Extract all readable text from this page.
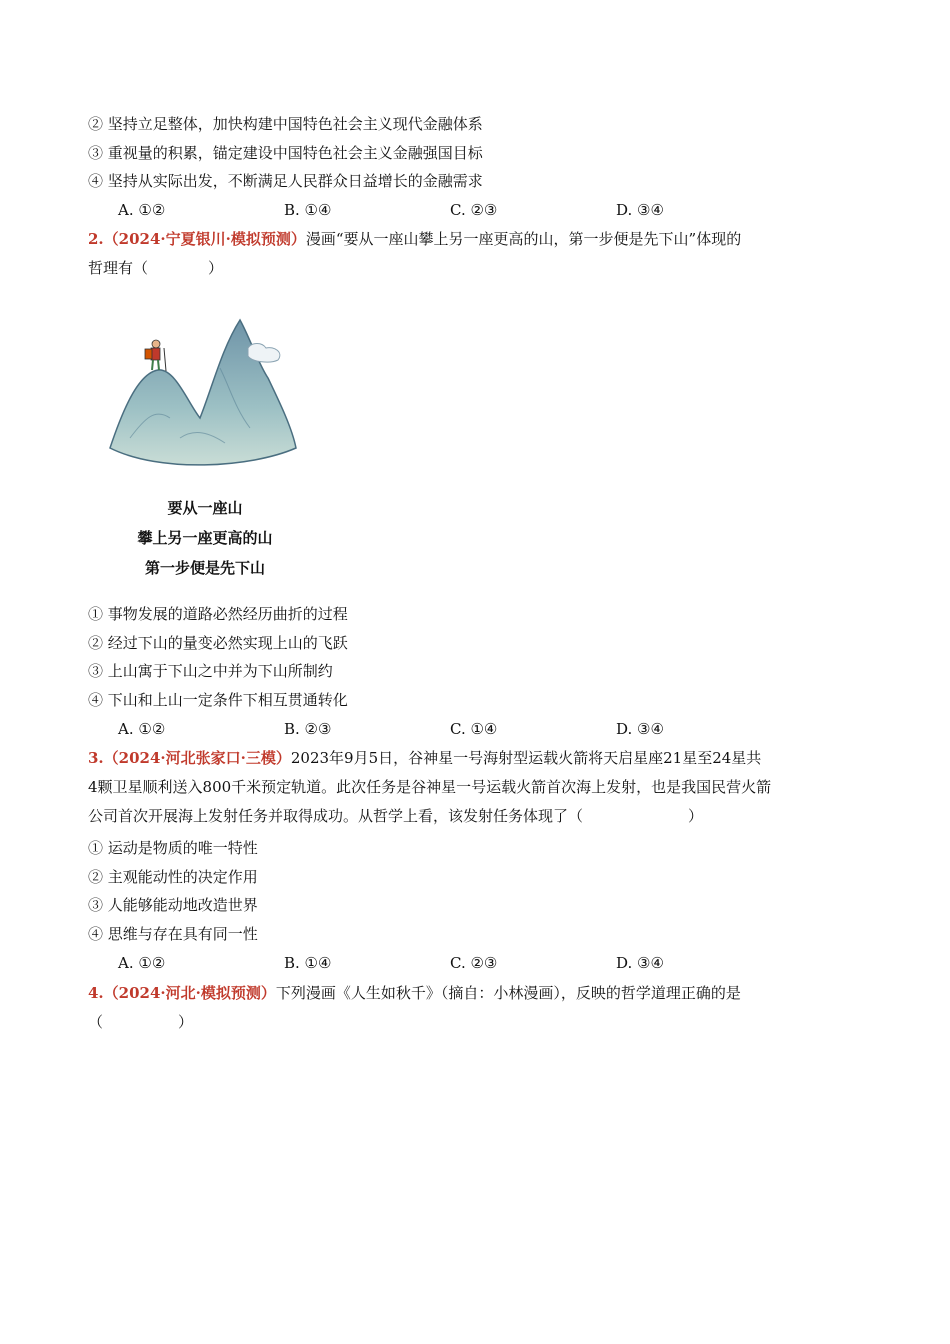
② 坚持立足整体，加快构建中国特色社会主义现代金融体系
③ 重视量的积累，锚定建设中国特色社会主义金融强国目标
④ 坚持从实际出发，不断满足人民群众日益增长的金融需求
A. ①②	B. ①④	C. ②③	D. ③④
2.（2024·宁夏银川·模拟预测）漫画“要从一座山攀上另一座更高的山，第一步便是先下山”体现的
哲理有（　　　　）
要从一座山
攀上另一座更高的山
第一步便是先下山
① 事物发展的道路必然经历曲折的过程
② 经过下山的量变必然实现上山的飞跃
③ 上山寓于下山之中并为下山所制约
④ 下山和上山一定条件下相互贯通转化
A. ①②	B. ②③	C. ①④	D. ③④
3.（2024·河北张家口·三模）2023年9月5日，谷神星一号海射型运载火箭将天启星座21星至24星共
4颗卫星顺利送入800千米预定轨道。此次任务是谷神星一号运载火箭首次海上发射，也是我国民营火箭
公司首次开展海上发射任务并取得成功。从哲学上看，该发射任务体现了（　　　　　　　）
① 运动是物质的唯一特性
② 主观能动性的决定作用
③ 人能够能动地改造世界
④ 思维与存在具有同一性
A. ①②	B. ①④	C. ②③	D. ③④
4.（2024·河北·模拟预测）下列漫画《人生如秋千》（摘自：小林漫画），反映的哲学道理正确的是
（　　　　　）
